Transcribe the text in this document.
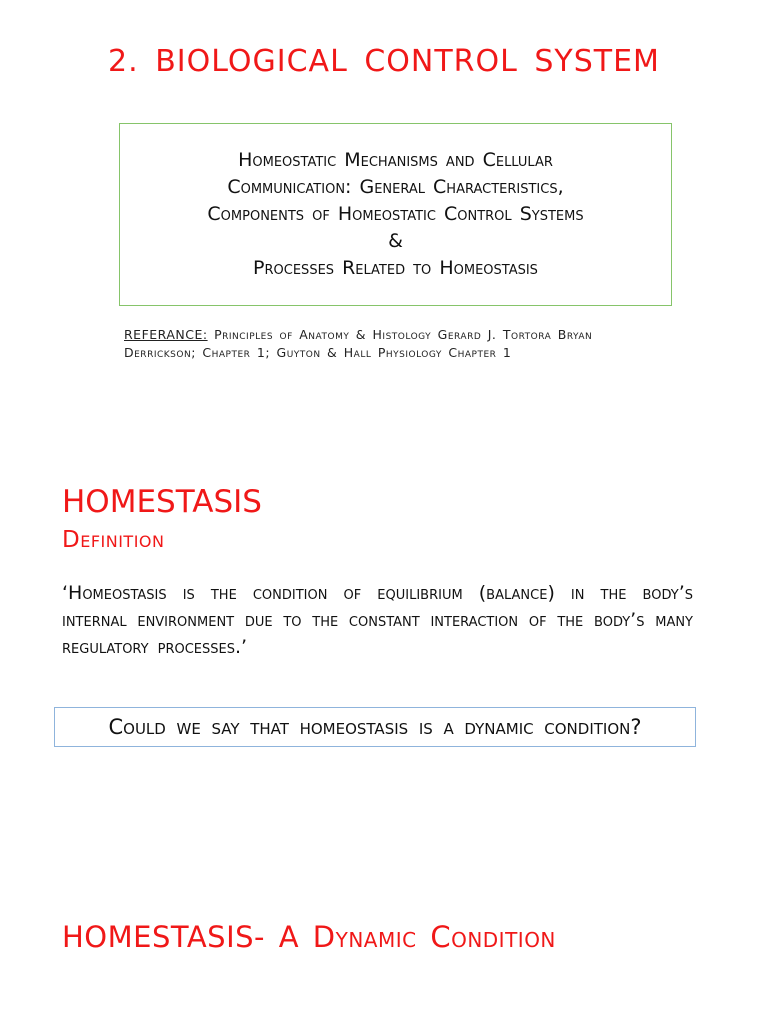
2. BIOLOGICAL CONTROL SYSTEM
Homeostatic Mechanisms and Cellular
Communication: General Characteristics,
Components of Homeostatic Control Systems
&
Processes Related to Homeostasis
REFERANCE: Principles of Anatomy & Histology Gerard J. Tortora Bryan
Derrickson; Chapter 1; Guyton & Hall Physiology Chapter 1
HOMESTASIS
Definition
‘Homeostasis is the condition of equilibrium (balance) in the body’s internal environment due to the constant interaction of the body’s many regulatory processes.’
Could we say that homeostasis is a dynamic condition?
HOMESTASIS- A Dynamic Condition
